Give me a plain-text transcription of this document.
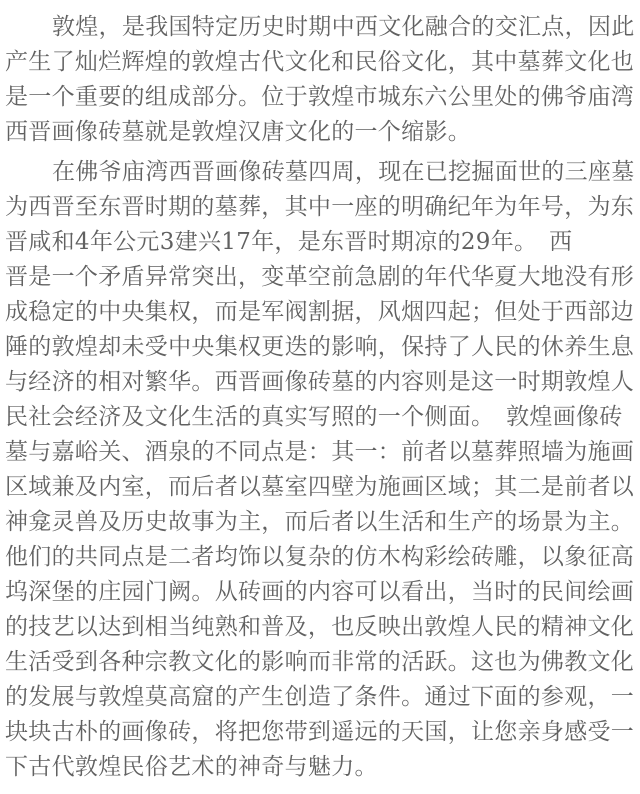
敦煌，是我国特定历史时期中西文化融合的交汇点，因此
产生了灿烂辉煌的敦煌古代文化和民俗文化，其中墓葬文化也
是一个重要的组成部分。位于敦煌市城东六公里处的佛爷庙湾
西晋画像砖墓就是敦煌汉唐文化的一个缩影。
在佛爷庙湾西晋画像砖墓四周，现在已挖掘面世的三座墓
为西晋至东晋时期的墓葬，其中一座的明确纪年为年号，为东
晋咸和4年公元3建兴17年，是东晋时期凉的29年。　西
晋是一个矛盾异常突出，变革空前急剧的年代华夏大地没有形
成稳定的中央集权，而是军阀割据，风烟四起；但处于西部边
陲的敦煌却未受中央集权更迭的影响，保持了人民的休养生息
与经济的相对繁华。西晋画像砖墓的内容则是这一时期敦煌人
民社会经济及文化生活的真实写照的一个侧面。　敦煌画像砖
墓与嘉峪关、酒泉的不同点是：其一：前者以墓葬照墙为施画
区域兼及内室，而后者以墓室四壁为施画区域；其二是前者以
神龛灵兽及历史故事为主，而后者以生活和生产的场景为主。
他们的共同点是二者均饰以复杂的仿木构彩绘砖雕，以象征高
坞深堡的庄园门阙。从砖画的内容可以看出，当时的民间绘画
的技艺以达到相当纯熟和普及，也反映出敦煌人民的精神文化
生活受到各种宗教文化的影响而非常的活跃。这也为佛教文化
的发展与敦煌莫高窟的产生创造了条件。通过下面的参观，一
块块古朴的画像砖，将把您带到遥远的天国，让您亲身感受一
下古代敦煌民俗艺术的神奇与魅力。
